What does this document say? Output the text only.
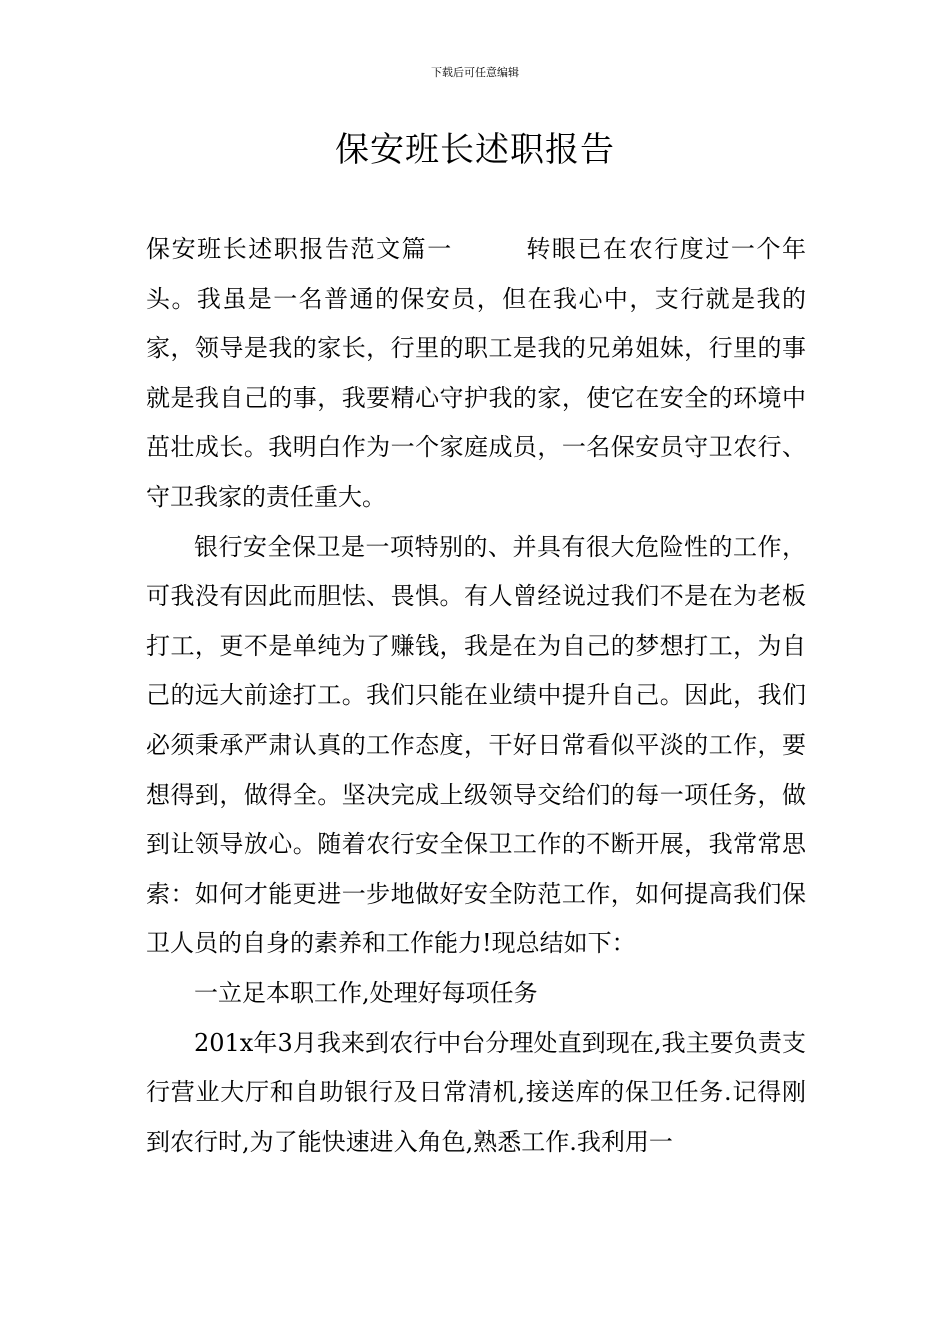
下载后可任意编辑
保安班长述职报告

保安班长述职报告范文篇一	转眼已在农行度过一个年头。我虽是一名普通的保安员，但在我心中，支行就是我的家，领导是我的家长，行里的职工是我的兄弟姐妹，行里的事就是我自己的事，我要精心守护我的家，使它在安全的环境中茁壮成长。我明白作为一个家庭成员，一名保安员守卫农行、守卫我家的责任重大。

银行安全保卫是一项特别的、并具有很大危险性的工作，可我没有因此而胆怯、畏惧。有人曾经说过我们不是在为老板打工，更不是单纯为了赚钱，我是在为自己的梦想打工，为自己的远大前途打工。我们只能在业绩中提升自己。因此，我们必须秉承严肃认真的工作态度，干好日常看似平淡的工作，要想得到，做得全。坚决完成上级领导交给们的每一项任务，做到让领导放心。随着农行安全保卫工作的不断开展，我常常思索：如何才能更进一步地做好安全防范工作，如何提高我们保卫人员的自身的素养和工作能力!现总结如下：

一立足本职工作,处理好每项任务

201x年3月我来到农行中台分理处直到现在,我主要负责支行营业大厅和自助银行及日常清机,接送库的保卫任务.记得刚到农行时,为了能快速进入角色,熟悉工作.我利用一
